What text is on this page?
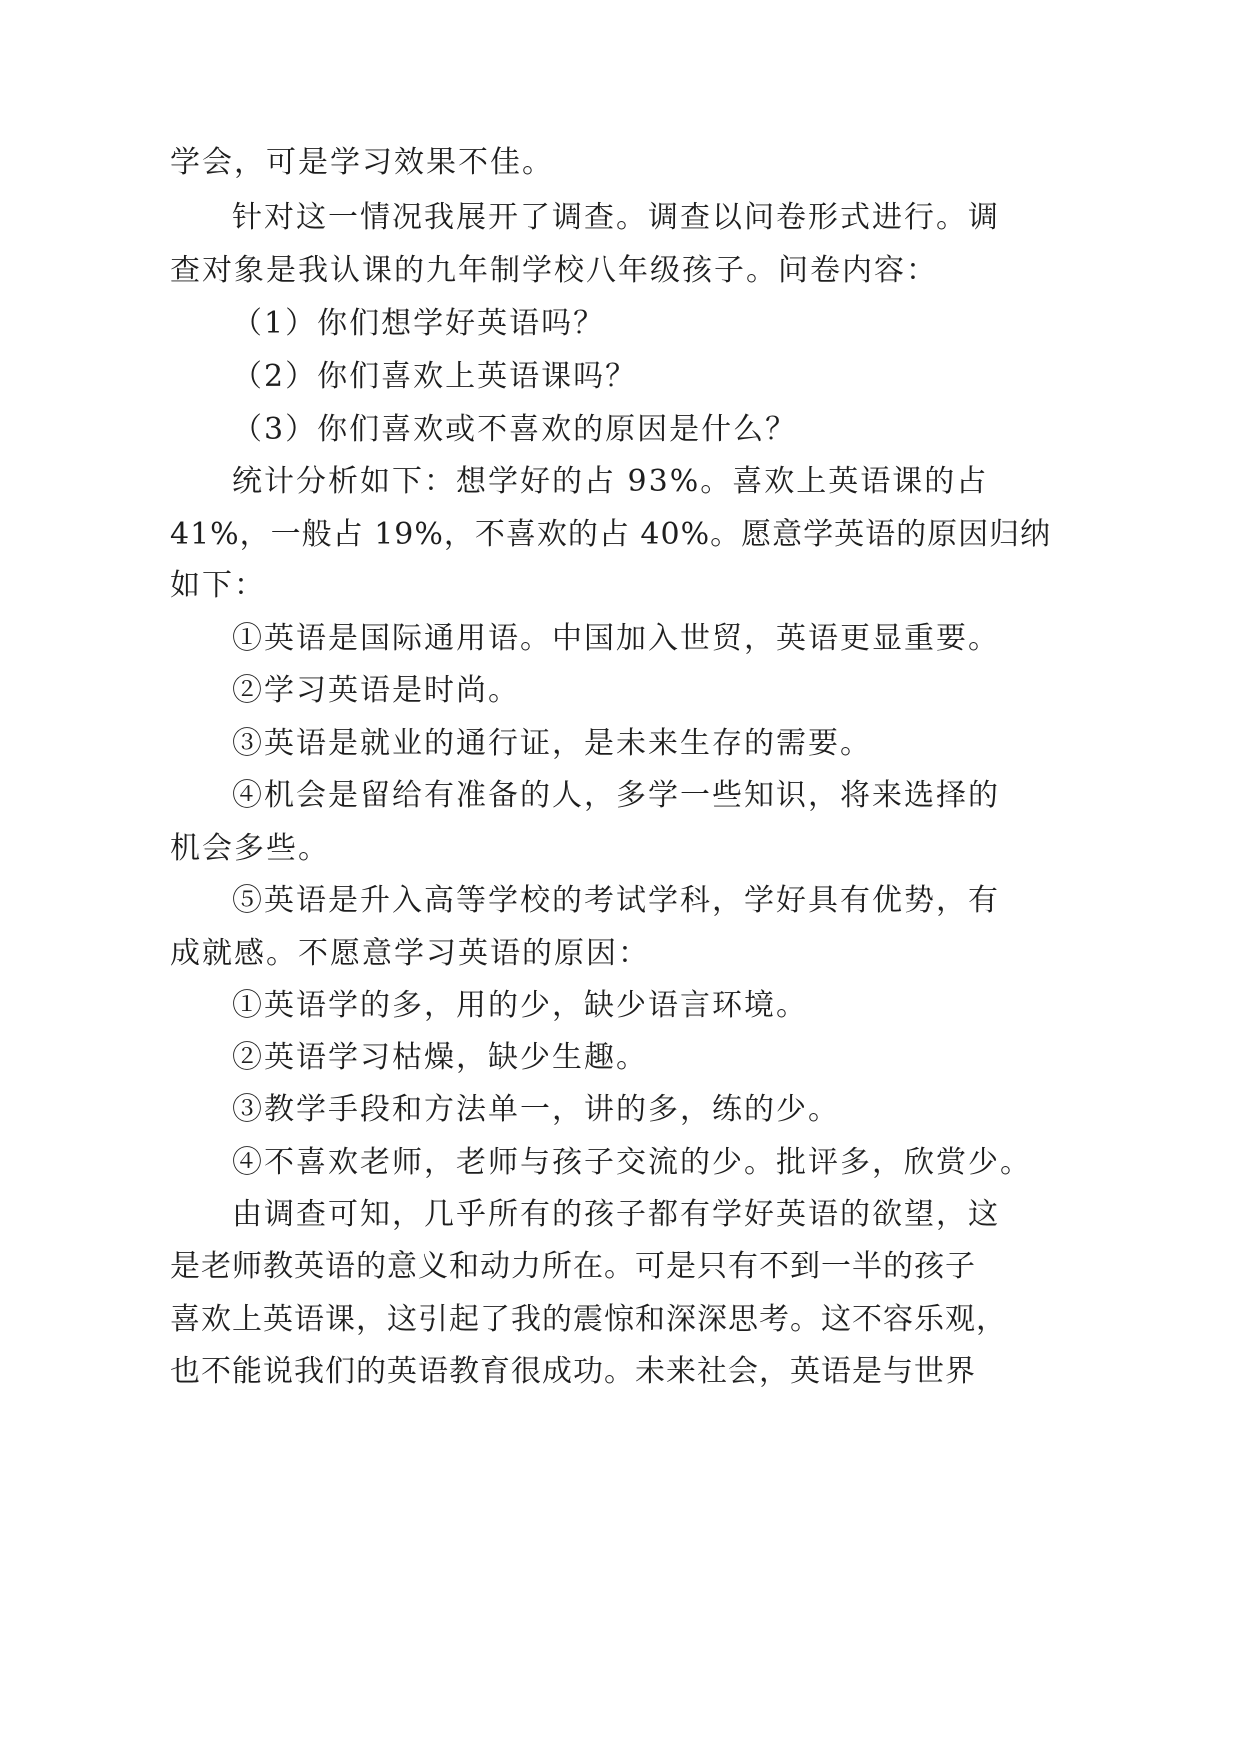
学会，可是学习效果不佳。

针对这一情况我展开了调查。调查以问卷形式进行。调

查对象是我认课的九年制学校八年级孩子。问卷内容：

（1）你们想学好英语吗？

（2）你们喜欢上英语课吗？

（3）你们喜欢或不喜欢的原因是什么？

统计分析如下：想学好的占 93%。喜欢上英语课的占

41%，一般占 19%，不喜欢的占 40%。愿意学英语的原因归纳

如下：

①英语是国际通用语。中国加入世贸，英语更显重要。

②学习英语是时尚。

③英语是就业的通行证，是未来生存的需要。

④机会是留给有准备的人，多学一些知识，将来选择的

机会多些。

⑤英语是升入高等学校的考试学科，学好具有优势，有

成就感。不愿意学习英语的原因：

①英语学的多，用的少，缺少语言环境。

②英语学习枯燥，缺少生趣。

③教学手段和方法单一，讲的多，练的少。

④不喜欢老师，老师与孩子交流的少。批评多，欣赏少。

由调查可知，几乎所有的孩子都有学好英语的欲望，这

是老师教英语的意义和动力所在。可是只有不到一半的孩子

喜欢上英语课，这引起了我的震惊和深深思考。这不容乐观，

也不能说我们的英语教育很成功。未来社会，英语是与世界
